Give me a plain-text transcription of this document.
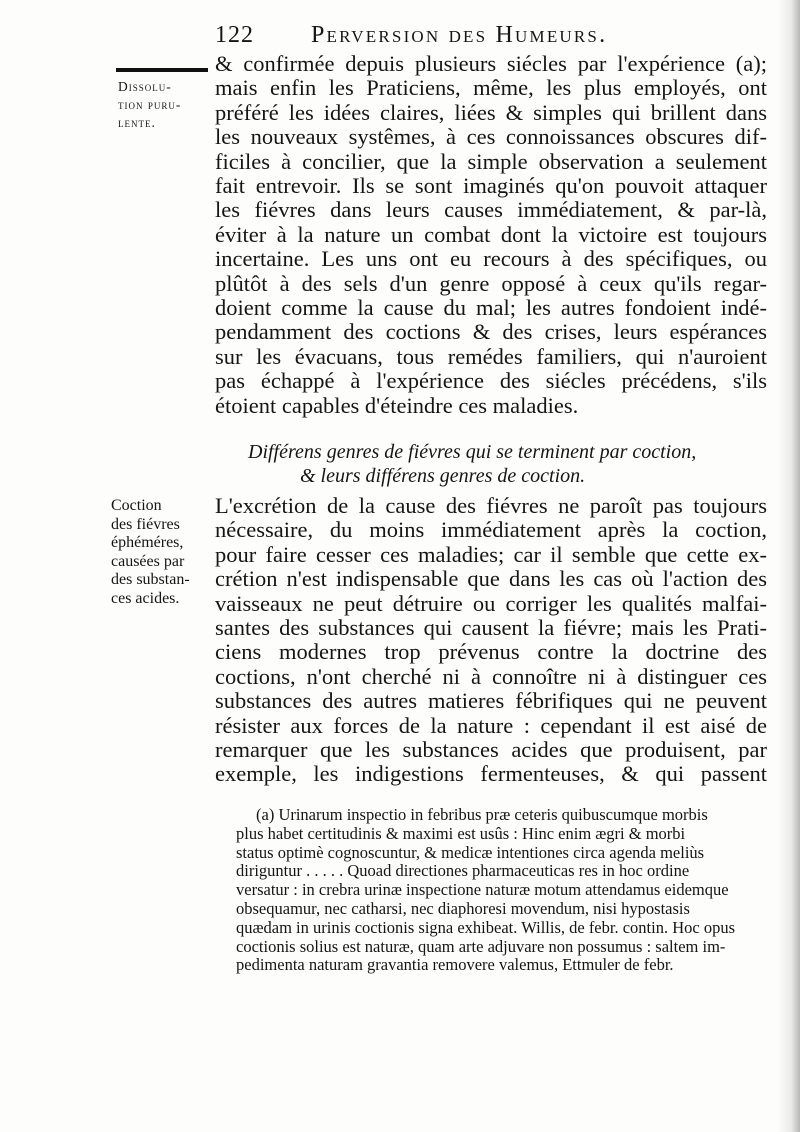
122 Perversion des Humeurs.
Dissolu-
tion puru-
lente.
& confirmée depuis plusieurs siécles par l'expérience (a);
mais enfin les Praticiens, même, les plus employés, ont
préféré les idées claires, liées & simples qui brillent dans
les nouveaux systêmes, à ces connoissances obscures dif-
ficiles à concilier, que la simple observation a seulement
fait entrevoir. Ils se sont imaginés qu'on pouvoit attaquer
les fiévres dans leurs causes immédiatement, & par-là,
éviter à la nature un combat dont la victoire est toujours
incertaine. Les uns ont eu recours à des spécifiques, ou
plûtôt à des sels d'un genre opposé à ceux qu'ils regar-
doient comme la cause du mal; les autres fondoient indé-
pendamment des coctions & des crises, leurs espérances
sur les évacuans, tous remédes familiers, qui n'auroient
pas échappé à l'expérience des siécles précédens, s'ils
étoient capables d'éteindre ces maladies.
Différens genres de fiévres qui se terminent par coction,
& leurs différens genres de coction.
Coction
des fiévres
éphéméres,
causées par
des substan-
ces acides.
L'excrétion de la cause des fiévres ne paroît pas toujours
nécessaire, du moins immédiatement après la coction,
pour faire cesser ces maladies; car il semble que cette ex-
crétion n'est indispensable que dans les cas où l'action des
vaisseaux ne peut détruire ou corriger les qualités malfai-
santes des substances qui causent la fiévre; mais les Prati-
ciens modernes trop prévenus contre la doctrine des
coctions, n'ont cherché ni à connoître ni à distinguer ces
substances des autres matieres fébrifiques qui ne peuvent
résister aux forces de la nature : cependant il est aisé de
remarquer que les substances acides que produisent, par
exemple, les indigestions fermenteuses, & qui passent
(a) Urinarum inspectio in febribus præ ceteris quibuscumque morbis
plus habet certitudinis & maximi est usûs : Hinc enim ægri & morbi
status optimè cognoscuntur, & medicæ intentiones circa agenda meliùs
diriguntur . . . . . Quoad directiones pharmaceuticas res in hoc ordine
versatur : in crebra urinæ inspectione naturæ motum attendamus eidemque
obsequamur, nec catharsi, nec diaphoresi movendum, nisi hypostasis
quædam in urinis coctionis signa exhibeat. Willis, de febr. contin. Hoc opus
coctionis solius est naturæ, quam arte adjuvare non possumus : saltem im-
pedimenta naturam gravantia removere valemus, Ettmuler de febr.
